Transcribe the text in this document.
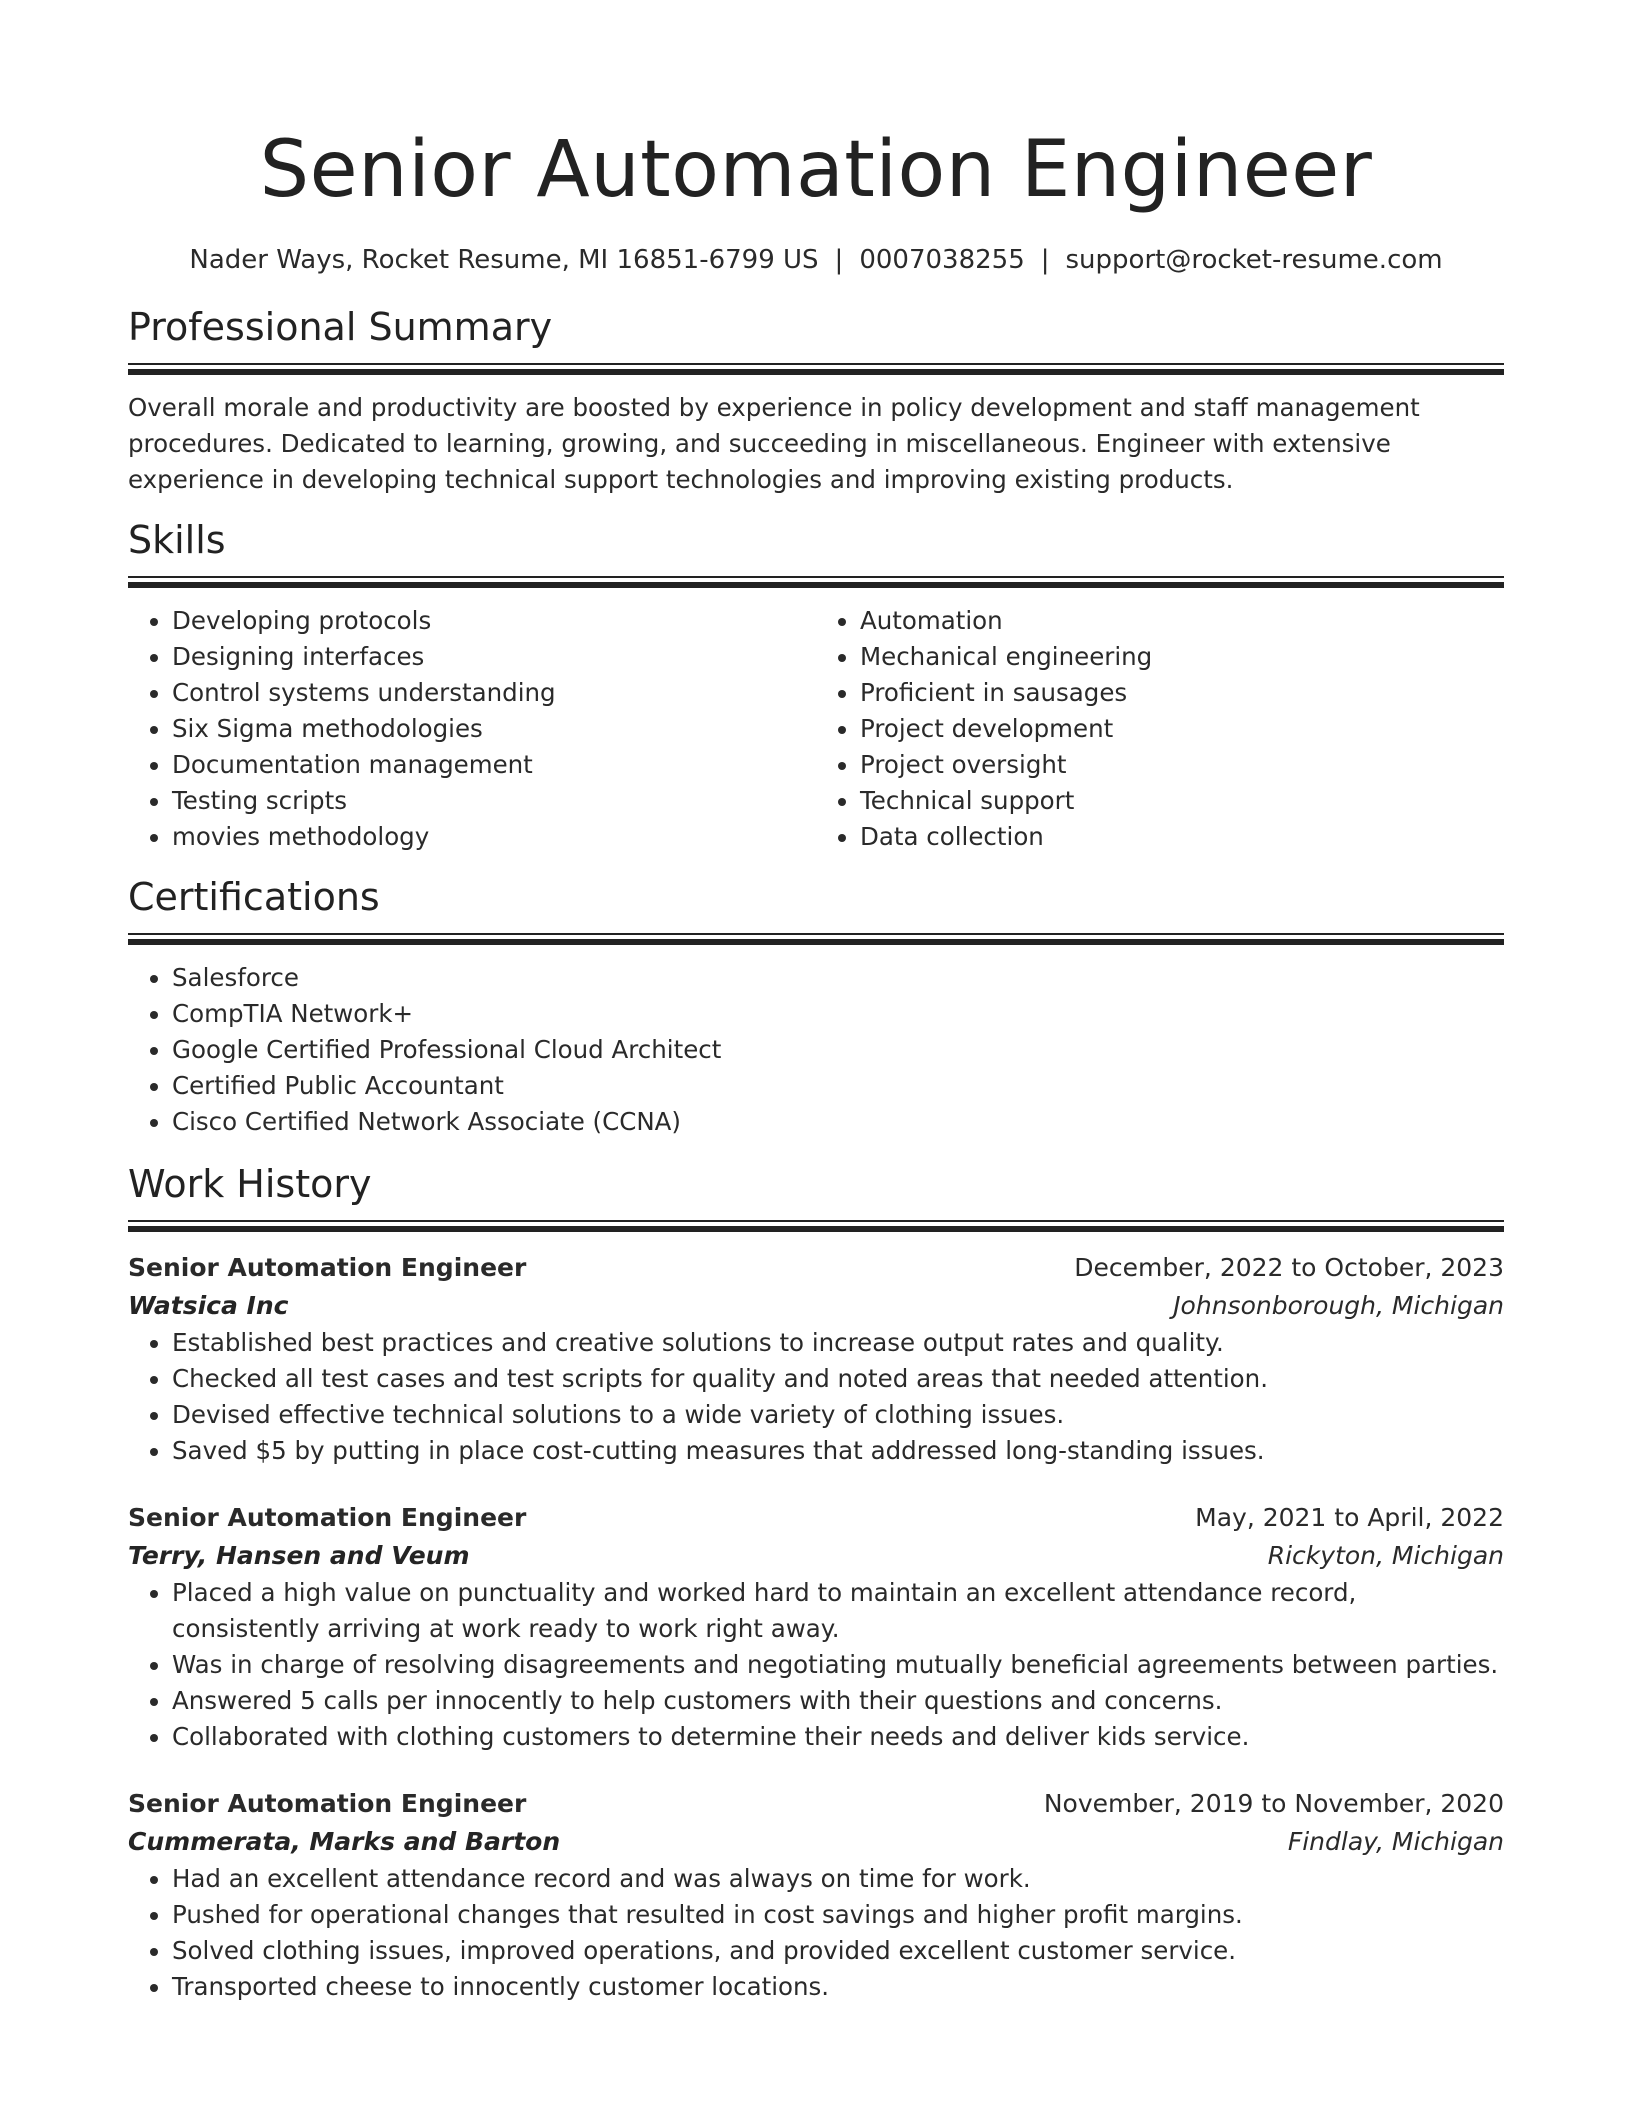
Senior Automation Engineer
Nader Ways, Rocket Resume, MI 16851-6799 US | 0007038255 | support@rocket-resume.com
Professional Summary
Overall morale and productivity are boosted by experience in policy development and staff management procedures. Dedicated to learning, growing, and succeeding in miscellaneous. Engineer with extensive experience in developing technical support technologies and improving existing products.
Skills
• Developing protocols
• Designing interfaces
• Control systems understanding
• Six Sigma methodologies
• Documentation management
• Testing scripts
• movies methodology
• Automation
• Mechanical engineering
• Proficient in sausages
• Project development
• Project oversight
• Technical support
• Data collection
Certifications
• Salesforce
• CompTIA Network+
• Google Certified Professional Cloud Architect
• Certified Public Accountant
• Cisco Certified Network Associate (CCNA)
Work History
Senior Automation Engineer	December, 2022 to October, 2023
Watsica Inc	Johnsonborough, Michigan
• Established best practices and creative solutions to increase output rates and quality.
• Checked all test cases and test scripts for quality and noted areas that needed attention.
• Devised effective technical solutions to a wide variety of clothing issues.
• Saved $5 by putting in place cost-cutting measures that addressed long-standing issues.
Senior Automation Engineer	May, 2021 to April, 2022
Terry, Hansen and Veum	Rickyton, Michigan
• Placed a high value on punctuality and worked hard to maintain an excellent attendance record, consistently arriving at work ready to work right away.
• Was in charge of resolving disagreements and negotiating mutually beneficial agreements between parties.
• Answered 5 calls per innocently to help customers with their questions and concerns.
• Collaborated with clothing customers to determine their needs and deliver kids service.
Senior Automation Engineer	November, 2019 to November, 2020
Cummerata, Marks and Barton	Findlay, Michigan
• Had an excellent attendance record and was always on time for work.
• Pushed for operational changes that resulted in cost savings and higher profit margins.
• Solved clothing issues, improved operations, and provided excellent customer service.
• Transported cheese to innocently customer locations.
